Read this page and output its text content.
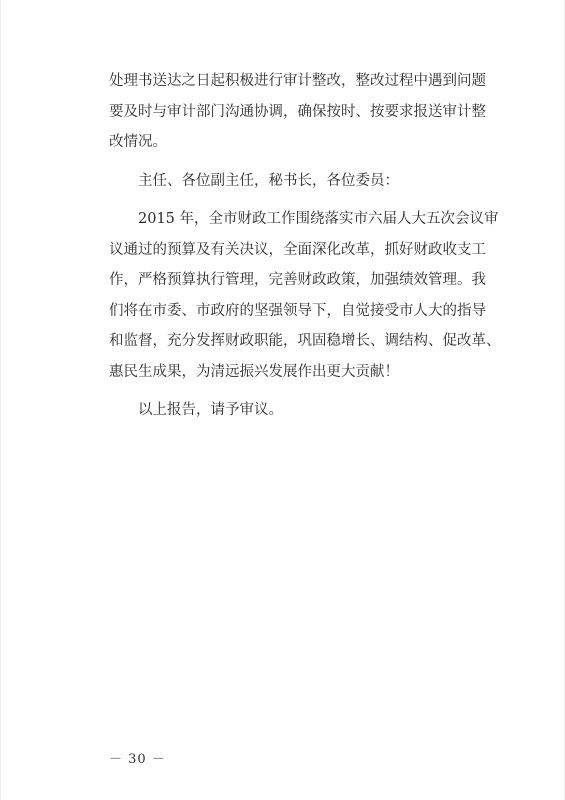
处理书送达之日起积极进行审计整改，整改过程中遇到问题
要及时与审计部门沟通协调，确保按时、按要求报送审计整
改情况。
主任、各位副主任，秘书长，各位委员：
2015 年，全市财政工作围绕落实市六届人大五次会议审
议通过的预算及有关决议，全面深化改革，抓好财政收支工
作，严格预算执行管理，完善财政政策，加强绩效管理。我
们将在市委、市政府的坚强领导下，自觉接受市人大的指导
和监督，充分发挥财政职能，巩固稳增长、调结构、促改革、
惠民生成果，为清远振兴发展作出更大贡献！
以上报告，请予审议。
－ 30 －
